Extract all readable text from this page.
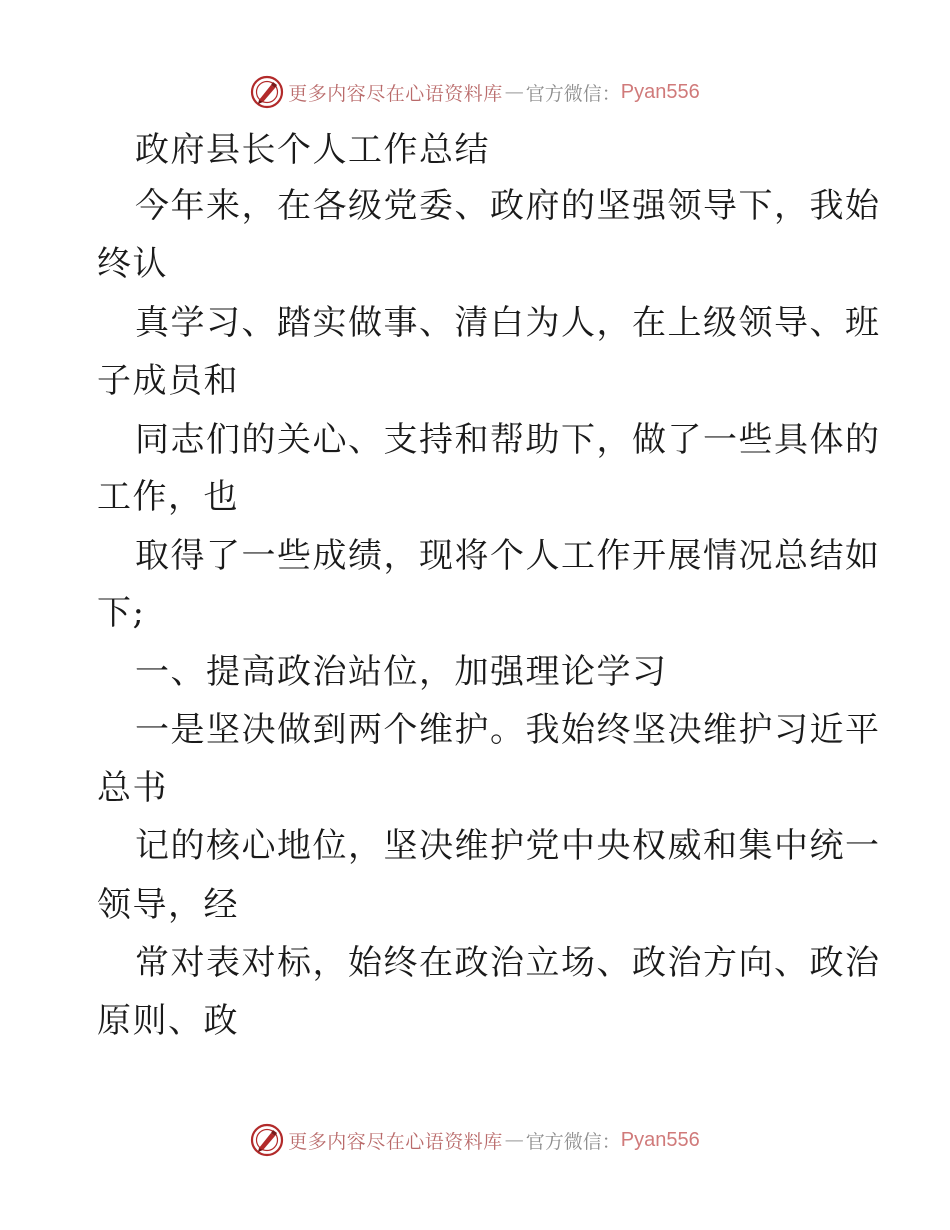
更多内容尽在心语资料库 — 官方微信： Pyan556
政府县长个人工作总结
今年来，在各级党委、政府的坚强领导下，我始
终认
真学习、踏实做事、清白为人，在上级领导、班
子成员和
同志们的关心、支持和帮助下，做了一些具体的
工作，也
取得了一些成绩，现将个人工作开展情况总结如
下;
一、提高政治站位，加强理论学习
一是坚决做到两个维护。我始终坚决维护习近平
总书
记的核心地位，坚决维护党中央权威和集中统一
领导，经
常对表对标，始终在政治立场、政治方向、政治
原则、政
更多内容尽在心语资料库 — 官方微信： Pyan556
